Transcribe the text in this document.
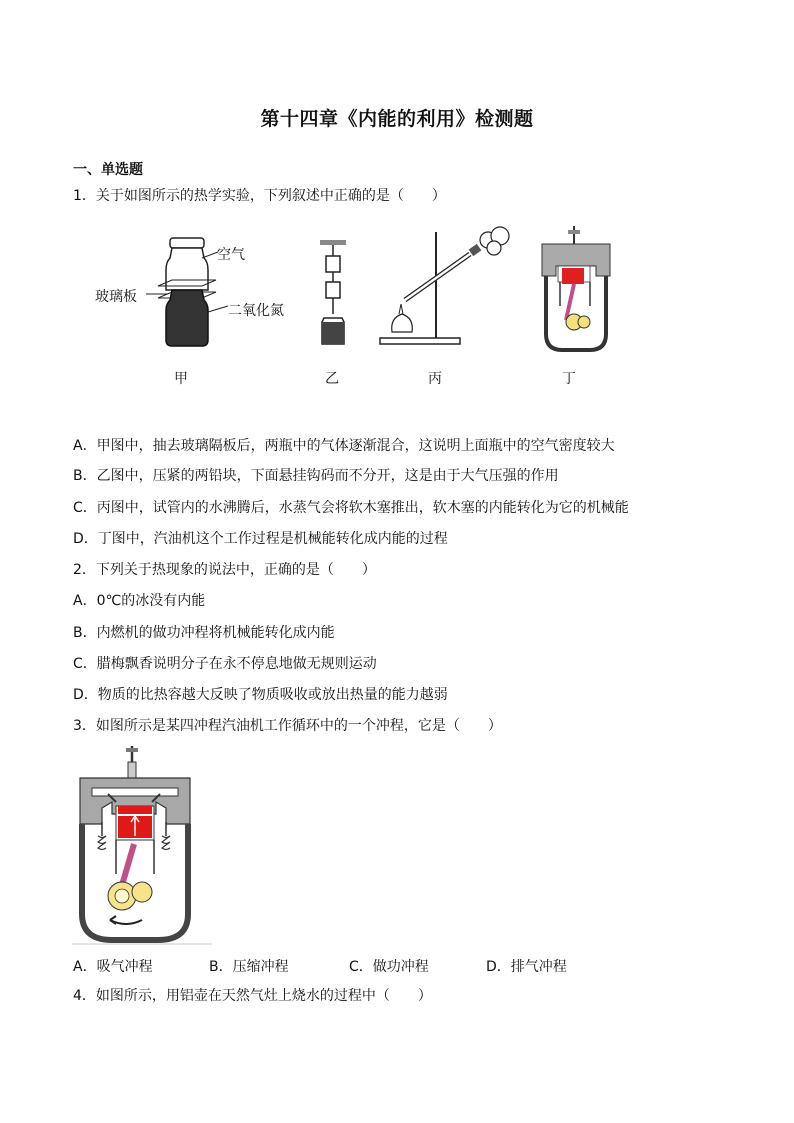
第十四章《内能的利用》检测题
一、单选题
1．关于如图所示的热学实验，下列叙述中正确的是（　　）
空气
玻璃板
二氧化氮
甲	乙	丙	丁
A．甲图中，抽去玻璃隔板后，两瓶中的气体逐渐混合，这说明上面瓶中的空气密度较大
B．乙图中，压紧的两铅块，下面悬挂钩码而不分开，这是由于大气压强的作用
C．丙图中，试管内的水沸腾后，水蒸气会将软木塞推出，软木塞的内能转化为它的机械能
D．丁图中，汽油机这个工作过程是机械能转化成内能的过程
2．下列关于热现象的说法中，正确的是（　　）
A．0℃的冰没有内能
B．内燃机的做功冲程将机械能转化成内能
C．腊梅飘香说明分子在永不停息地做无规则运动
D．物质的比热容越大反映了物质吸收或放出热量的能力越弱
3．如图所示是某四冲程汽油机工作循环中的一个冲程，它是（　　）
A．吸气冲程	B．压缩冲程	C．做功冲程	D．排气冲程
4．如图所示，用铝壶在天然气灶上烧水的过程中（　　）
